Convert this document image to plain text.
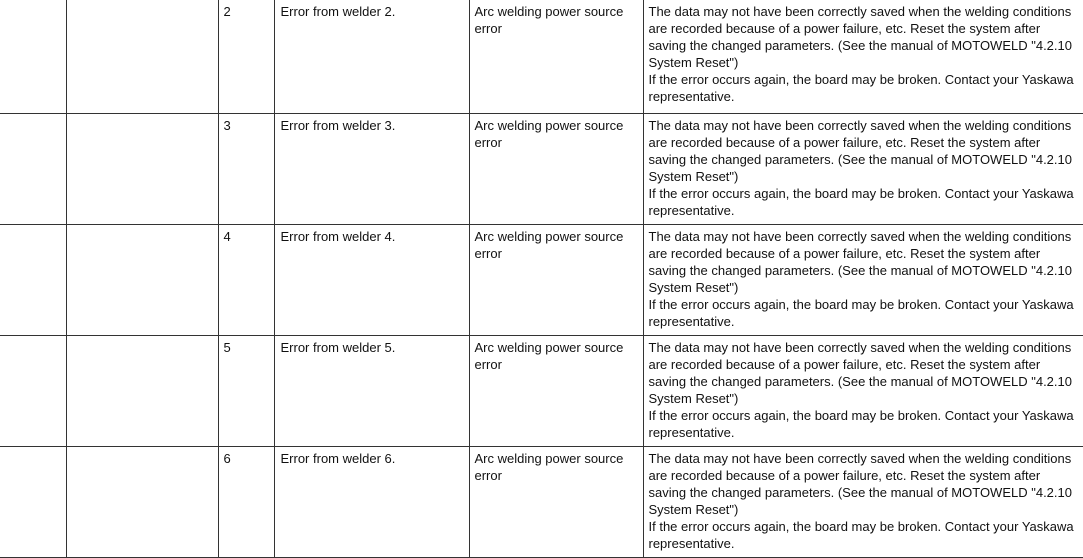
		2	Error from welder 2.	Arc welding power source error	The data may not have been correctly saved when the welding conditions are recorded because of a power failure, etc. Reset the system after saving the changed parameters. (See the manual of MOTOWELD "4.2.10 System Reset")
If the error occurs again, the board may be broken. Contact your Yaskawa representative.

		3	Error from welder 3.	Arc welding power source error	The data may not have been correctly saved when the welding conditions are recorded because of a power failure, etc. Reset the system after saving the changed parameters. (See the manual of MOTOWELD "4.2.10 System Reset")
If the error occurs again, the board may be broken. Contact your Yaskawa representative.

		4	Error from welder 4.	Arc welding power source error	The data may not have been correctly saved when the welding conditions are recorded because of a power failure, etc. Reset the system after saving the changed parameters. (See the manual of MOTOWELD "4.2.10 System Reset")
If the error occurs again, the board may be broken. Contact your Yaskawa representative.

		5	Error from welder 5.	Arc welding power source error	The data may not have been correctly saved when the welding conditions are recorded because of a power failure, etc. Reset the system after saving the changed parameters. (See the manual of MOTOWELD "4.2.10 System Reset")
If the error occurs again, the board may be broken. Contact your Yaskawa representative.

		6	Error from welder 6.	Arc welding power source error	The data may not have been correctly saved when the welding conditions are recorded because of a power failure, etc. Reset the system after saving the changed parameters. (See the manual of MOTOWELD "4.2.10 System Reset")
If the error occurs again, the board may be broken. Contact your Yaskawa representative.
